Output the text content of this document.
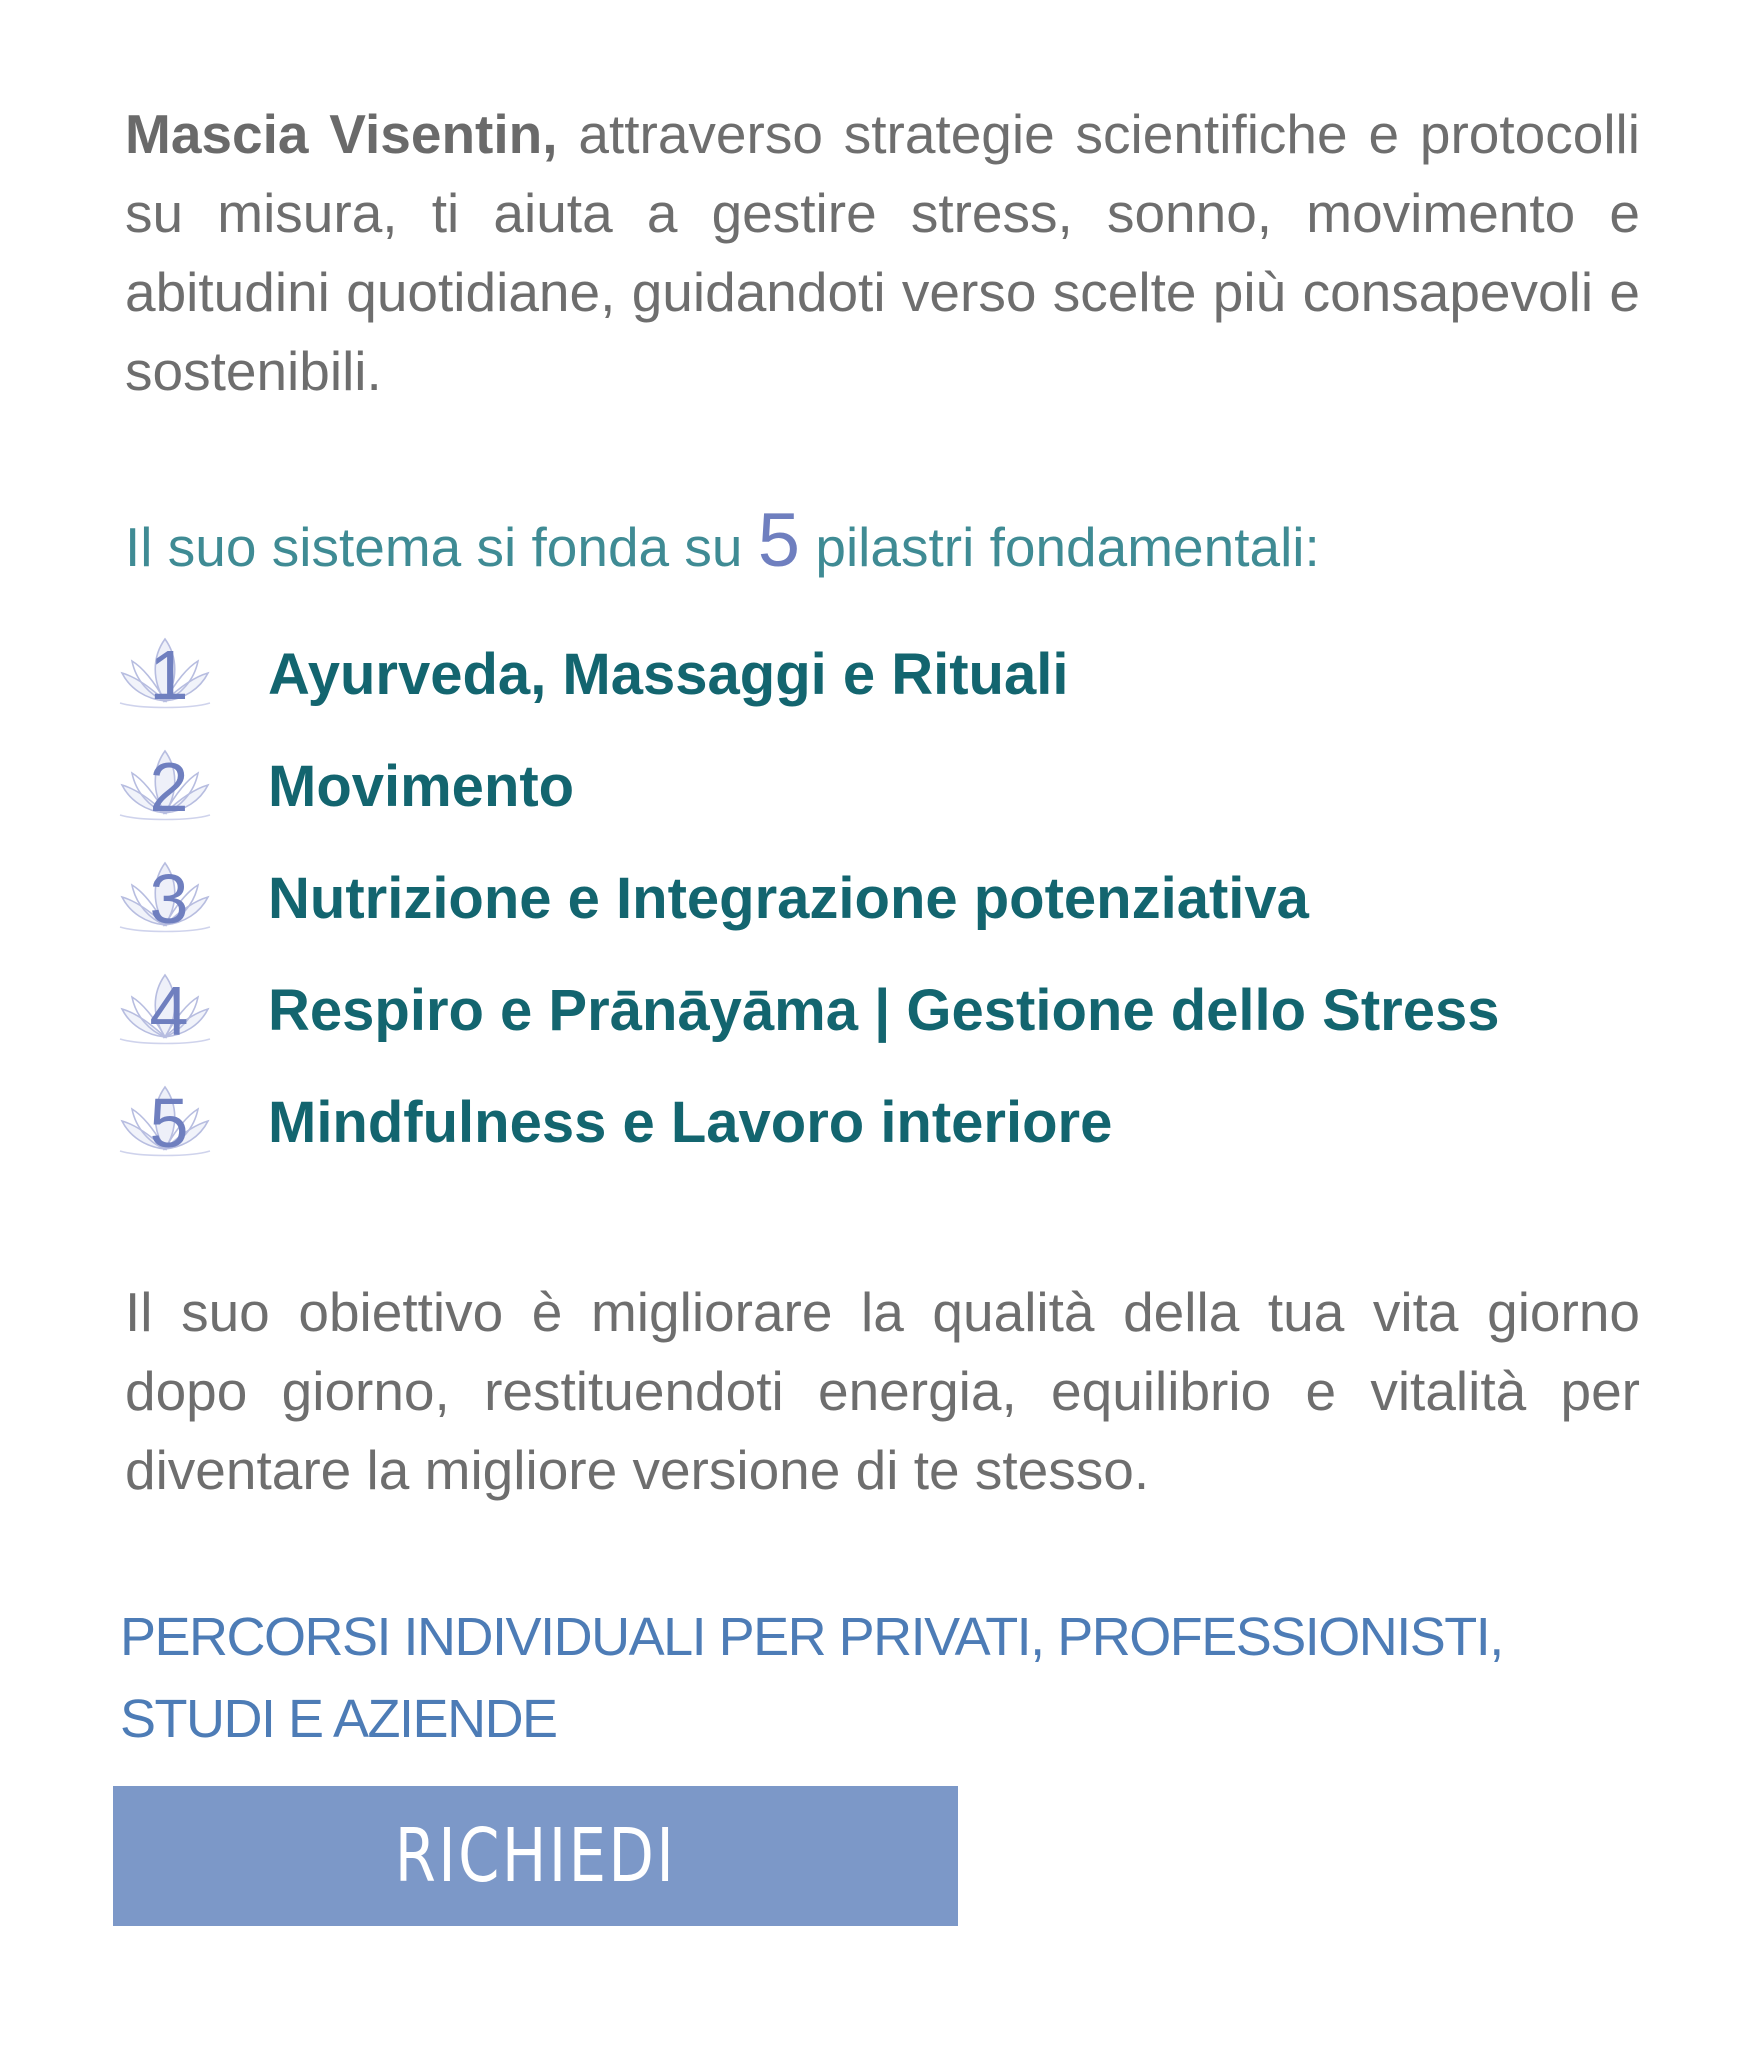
Mascia Visentin, attraverso strategie scientifiche e protocolli su misura, ti aiuta a gestire stress, sonno, movimento e abitudini quotidiane, guidandoti verso scelte più consapevoli e sostenibili.

Il suo sistema si fonda su 5 pilastri fondamentali:
1	Ayurveda, Massaggi e Rituali
2	Movimento
3	Nutrizione e Integrazione potenziativa
4	Respiro e Prānāyāma | Gestione dello Stress
5	Mindfulness e Lavoro interiore

Il suo obiettivo è migliorare la qualità della tua vita giorno dopo giorno, restituendoti energia, equilibrio e vitalità per diventare la migliore versione di te stesso.

PERCORSI INDIVIDUALI PER PRIVATI, PROFESSIONISTI, STUDI E AZIENDE

RICHIEDI INFORMAZIONI
